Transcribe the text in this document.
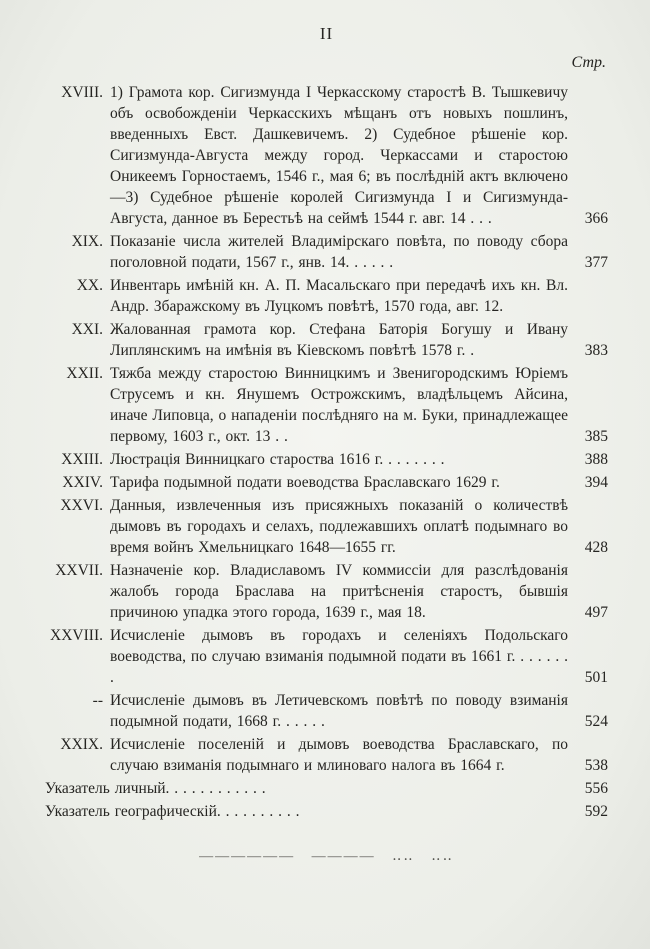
II
Стр.
XVIII. 1) Грамота кор. Сигизмунда I Черкасскому старостѣ В. Тышкевичу объ освобожденіи Черкасскихъ мѣщанъ отъ новыхъ пошлинъ, введенныхъ Евст. Дашкевичемъ. 2) Судебное рѣшеніе кор. Сигизмунда-Августа между город. Черкассами и старостою Оникеемъ Горностаемъ, 1546 г., мая 6; въ послѣдній актъ включено—3) Судебное рѣшеніе королей Сигизмунда I и Сигизмунда-Августа, данное въ Берестьѣ на сеймѣ 1544 г. авг. 14 . . .	366
XIX. Показаніе числа жителей Владимірскаго повѣта, по поводу сбора поголовной подати, 1567 г., янв. 14. . . . . .	377
XX. Инвентарь имѣній кн. А. П. Масальскаго при передачѣ ихъ кн. Вл. Андр. Збаражскому въ Луцкомъ повѣтѣ, 1570 года, авг. 12.
XXI. Жалованная грамота кор. Стефана Баторія Богушу и Ивану Липлянскимъ на имѣнія въ Кіевскомъ повѣтѣ 1578 г. .	383
XXII. Тяжба между старостою Винницкимъ и Звенигородскимъ Юріемъ Струсемъ и кн. Янушемъ Острожскимъ, владѣльцемъ Айсина, иначе Липовца, о нападеніи послѣдняго на м. Буки, принадлежащее первому, 1603 г., окт. 13 . .	385
XXIII. Люстрація Винницкаго староства 1616 г. . . . . . . .	388
XXIV. Тарифа подымной подати воеводства Браславскаго 1629 г.	394
XXVI. Данныя, извлеченныя изъ присяжныхъ показаній о количествѣ дымовъ въ городахъ и селахъ, подлежавшихъ оплатѣ подымнаго во время войнъ Хмельницкаго 1648—1655 гг.	428
XXVII. Назначеніе кор. Владиславомъ IV коммиссіи для разслѣдованія жалобъ города Браслава на притѣсненія старостъ, бывшія причиною упадка этого города, 1639 г., мая 18.	497
XXVIII. Исчисленіе дымовъ въ городахъ и селеніяхъ Подольскаго воеводства, по случаю взиманія подымной подати въ 1661 г. . . . . . . .	501
-- Исчисленіе дымовъ въ Летичевскомъ повѣтѣ по поводу взиманія подымной подати, 1668 г. . . . . .	524
XXIX. Исчисленіе поселеній и дымовъ воеводства Браславскаго, по случаю взиманія подымнаго и млиноваго налога въ 1664 г.	538
Указатель личный. . . . . . . . . . . .	556
Указатель географическій. . . . . . . . . .	592
——————   ————   ‥‥   ‥‥
